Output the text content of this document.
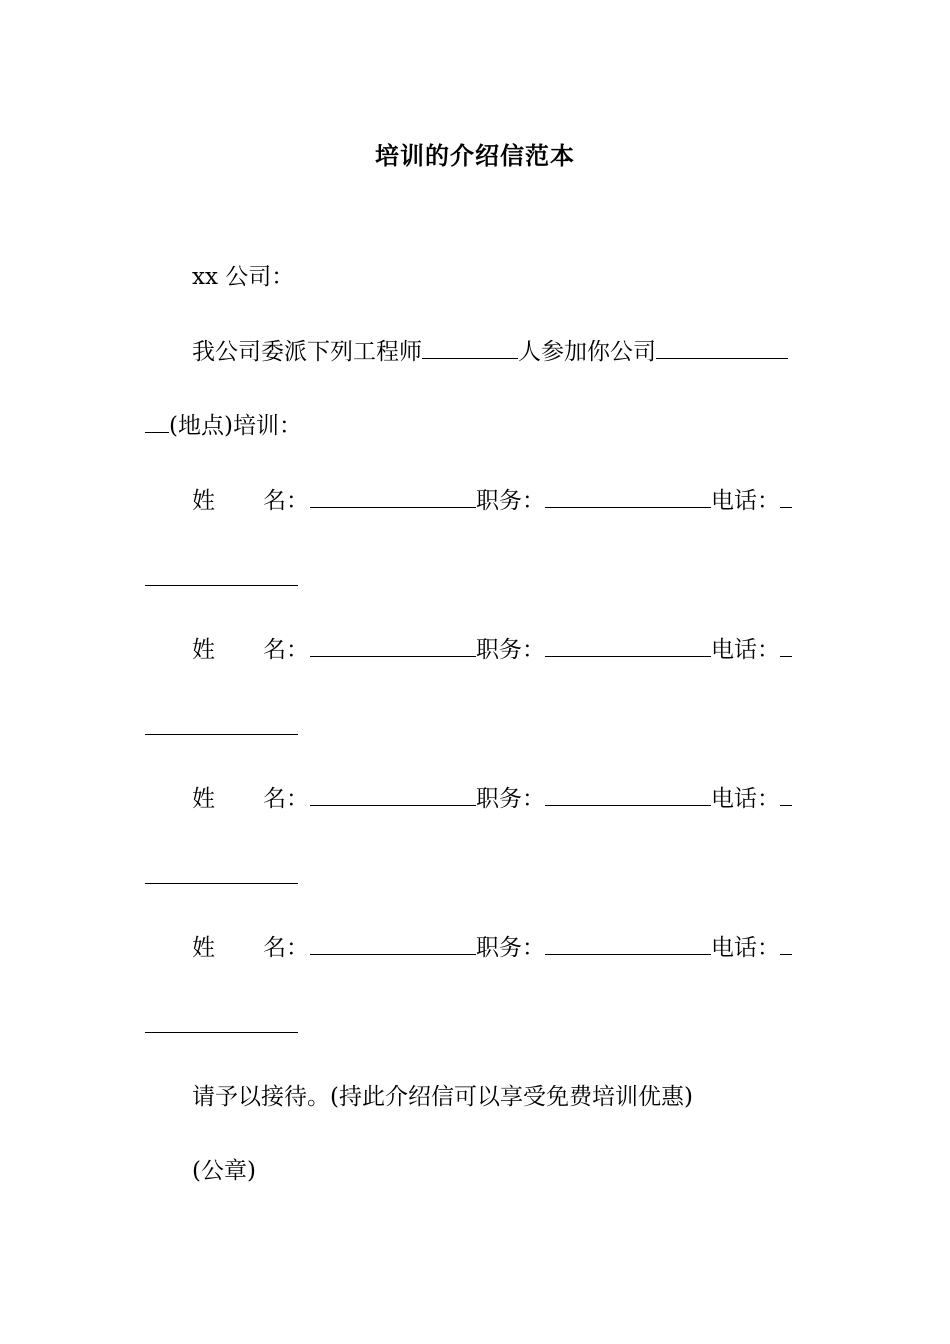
培训的介绍信范本
xx 公司：
我公司委派下列工程师	人参加你公司
(地点)培训：
姓 名：	职务：	电话：
姓 名：	职务：	电话：
姓 名：	职务：	电话：
姓 名：	职务：	电话：
请予以接待。(持此介绍信可以享受免费培训优惠)
(公章)
